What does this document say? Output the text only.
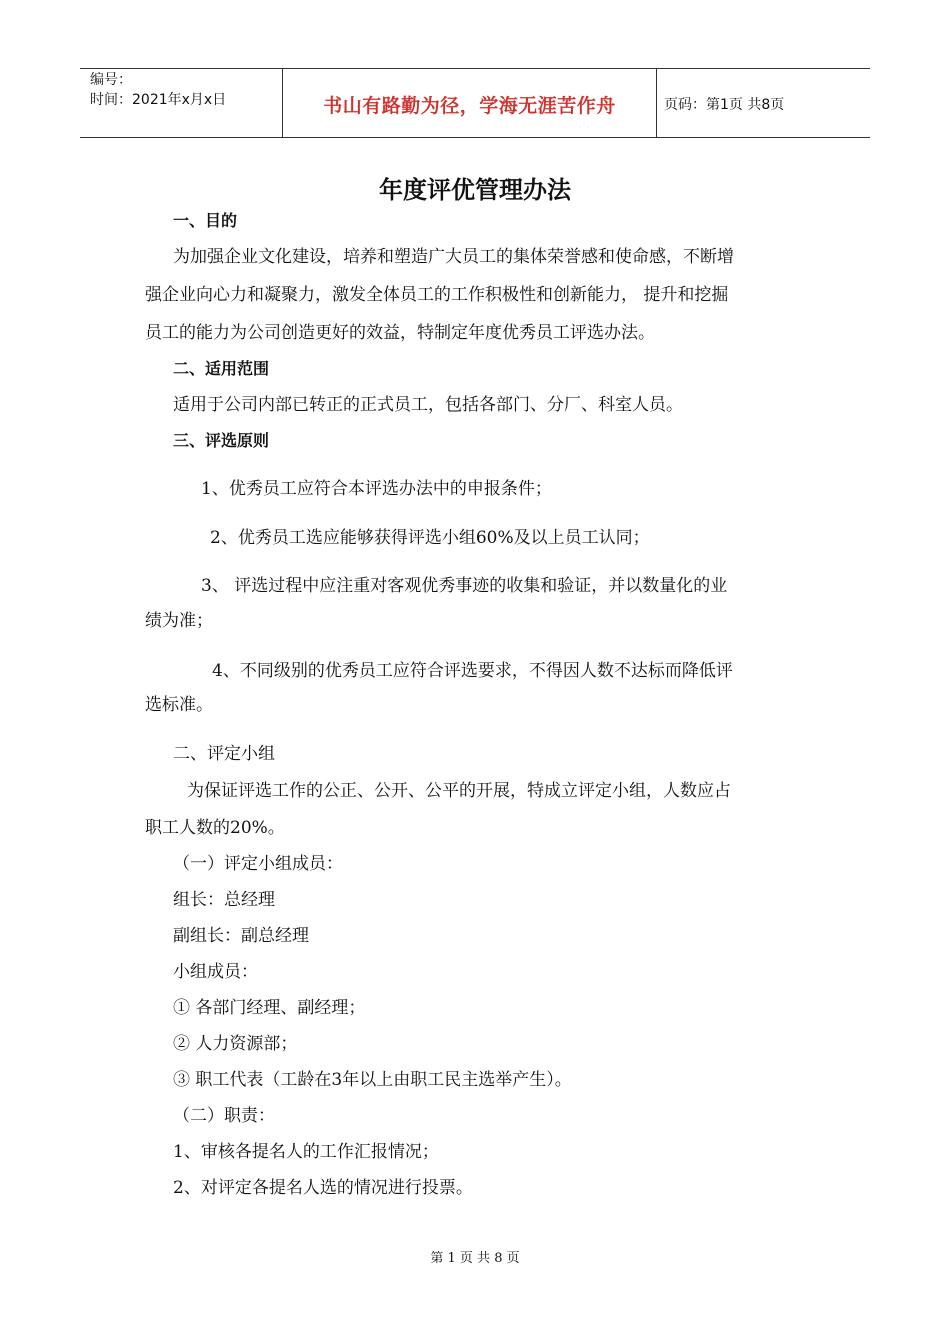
编号：
时间：2021年x月x日	书山有路勤为径，学海无涯苦作舟	页码：第1页 共8页
年度评优管理办法
一、目的
为加强企业文化建设，培养和塑造广大员工的集体荣誉感和使命感，不断增
强企业向心力和凝聚力，激发全体员工的工作积极性和创新能力， 提升和挖掘
员工的能力为公司创造更好的效益，特制定年度优秀员工评选办法。
二、适用范围
适用于公司内部已转正的正式员工，包括各部门、分厂、科室人员。
三、评选原则
1、优秀员工应符合本评选办法中的申报条件；
2、优秀员工选应能够获得评选小组60%及以上员工认同；
3、 评选过程中应注重对客观优秀事迹的收集和验证，并以数量化的业
绩为准；
4、不同级别的优秀员工应符合评选要求，不得因人数不达标而降低评
选标准。
二、评定小组
为保证评选工作的公正、公开、公平的开展，特成立评定小组，人数应占
职工人数的20%。
（一）评定小组成员：
组长：总经理
副组长：副总经理
小组成员：
① 各部门经理、副经理；
② 人力资源部；
③ 职工代表（工龄在3年以上由职工民主选举产生）。
（二）职责：
1、审核各提名人的工作汇报情况；
2、对评定各提名人选的情况进行投票。
第 1 页 共 8 页
